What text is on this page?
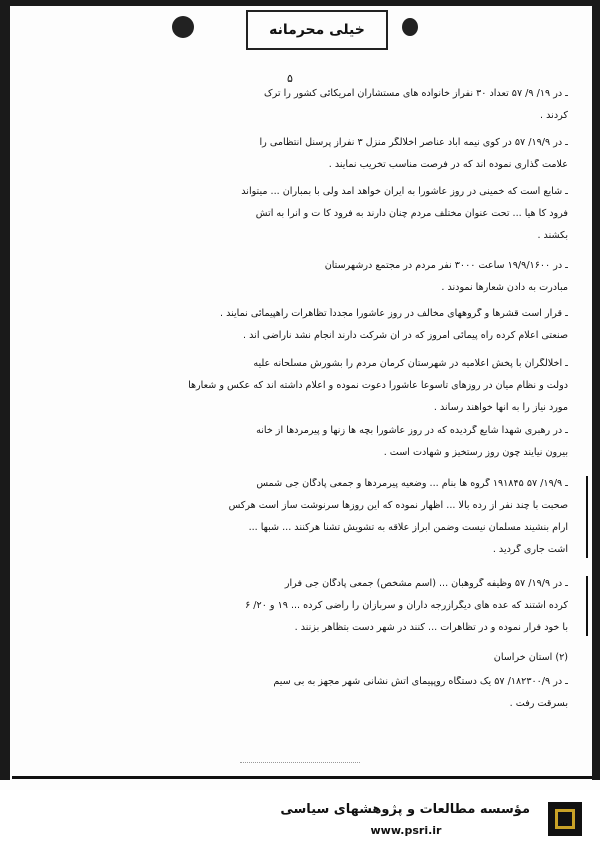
خیلی محرمانه
۵
ـ در ۱۹/ ۹/ ۵۷ تعداد ۳۰ نفراز خانواده های مستشاران آمریکائی کشور را ترک
کردند .
ـ در ۱۹/۹/ ۵۷ در کوی نیمه آباد عناصر اخلالگر منزل ۳ نفراز پرسنل انتظامی را
علامت گذاری نموده اند که در فرصت مناسب تخریب نمایند .
ـ شایع است که خمینی در روز عاشورا به ایران خواهد آمد ولی با بمباران ... میتواند
فرود کا هیا ... تحت عنوان مختلف مردم چنان دارند به فرود کا ت و آنرا به آتش
بکشند .
ـ در ۱۹/۹/۱۶۰۰ ساعت ۳۰۰۰ نفر مردم در مجتمع درشهرستان
مبادرت به دادن شعارها نمودند .
ـ قرار است قشرها و گروههای مخالف در روز عاشورا مجدداً تظاهرات راهپیمائی نمایند .
صنعتی اعلام کرده راه پیمائی امروز که در آن شرکت دارند انجام نشد ناراضی اند .
ـ اخلالگران با پخش اعلامیه در شهرستان کرمان مردم را بشورش مسلحانه علیه
دولت و نظام میان در روزهای تاسوعا عاشورا دعوت نموده و اعلام داشته اند که عکس و شعارها
مورد نیاز را به آنها خواهند رساند .
ـ در رهبری شهدا شایع گردیده که در روز عاشورا بچه ها زنها و پیرمردها از خانه
بیرون نیایند چون روز رستخیز و شهادت است .
ـ ۱۹/۹/ ۵۷ ۱۹۱۸۴۵ گروه ها بنام ... وضعیه پیرمردها و جمعی پادگان جی شمس
صحبت با چند نفر از رده بالا ... اظهار نموده که این روزها سرنوشت ساز است هرکس
آرام بنشیند مسلمان نیست وضمن ابراز علاقه به تشویش تشنا هرکنند ... شبها ...
اشت جاری گردید .
ـ در ۱۹/۹/ ۵۷ وظیفه گروهبان ... (اسم مشخص) جمعی پادگان جی فرار
کرده اشتند که عده های دیگرازرجه داران و سربازان را راضی کرده ... ۱۹ و ۲۰/ ۶
با خود فرار نموده و در تظاهرات ... کنند در شهر دست بتظاهر بزنند .
(۲) استان خراسان
ـ در ۱۸۲۳۰۰/۹/ ۵۷ یک دستگاه روپپیمای آتش نشانی شهر مجهز به بی سیم
بسرقت رفت .
مؤسسه مطالعات و پژوهشهای سیاسی
www.psri.ir
